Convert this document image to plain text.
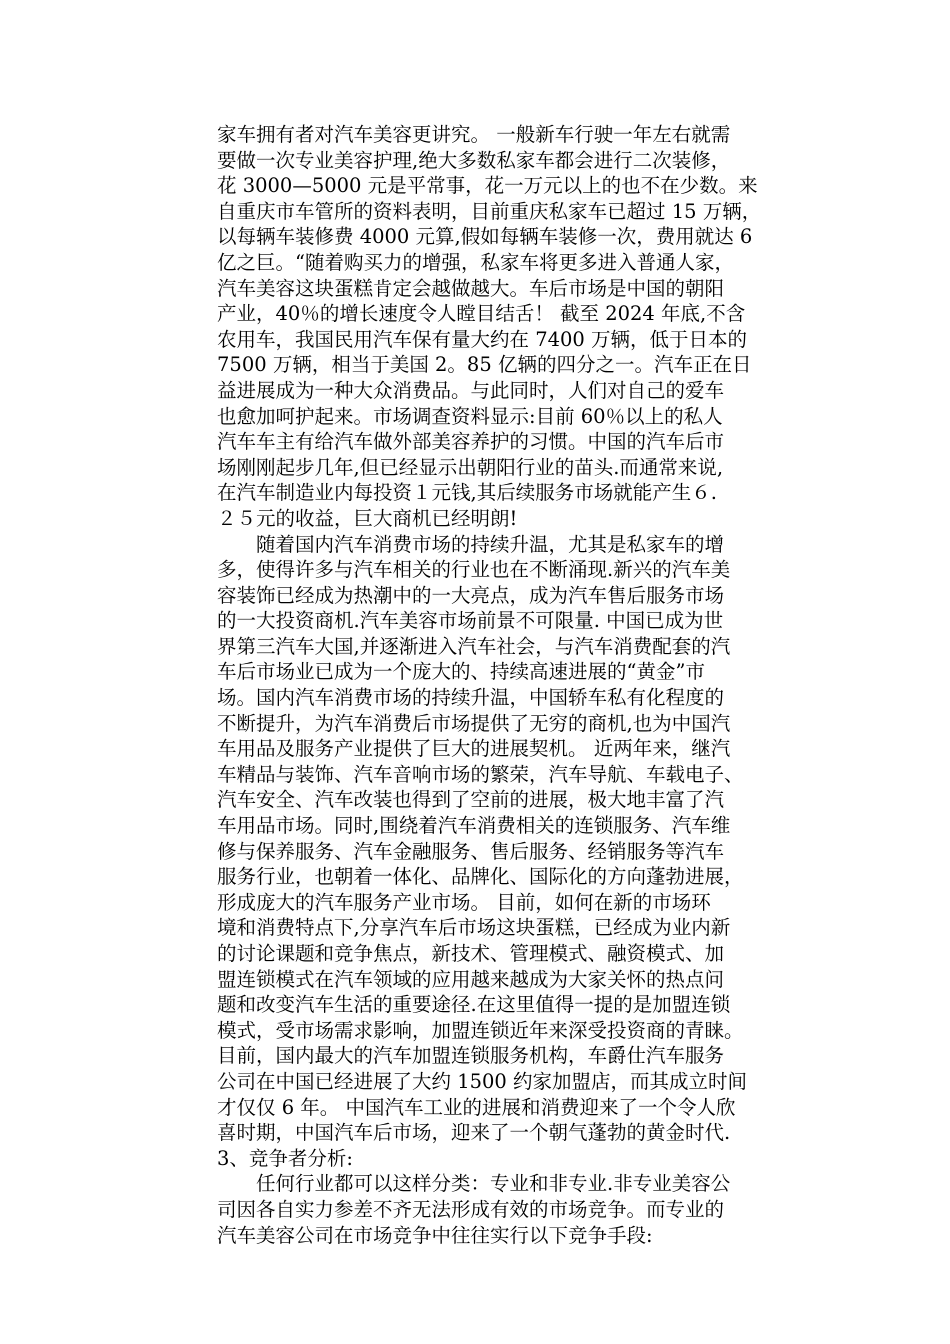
家车拥有者对汽车美容更讲究。 一般新车行驶一年左右就需
要做一次专业美容护理,绝大多数私家车都会进行二次装修，
花 3000—5000 元是平常事，花一万元以上的也不在少数。来
自重庆市车管所的资料表明，目前重庆私家车已超过 15 万辆，
以每辆车装修费 4000 元算,假如每辆车装修一次，费用就达 6
亿之巨。“随着购买力的增强，私家车将更多进入普通人家，
汽车美容这块蛋糕肯定会越做越大。车后市场是中国的朝阳
产业，40％的增长速度令人瞠目结舌！ 截至 2024 年底,不含
农用车，我国民用汽车保有量大约在 7400 万辆，低于日本的
7500 万辆，相当于美国 2。85 亿辆的四分之一。汽车正在日
益进展成为一种大众消费品。与此同时，人们对自己的爱车
也愈加呵护起来。市场调查资料显示:目前 60％以上的私人
汽车车主有给汽车做外部美容养护的习惯。中国的汽车后市
场刚刚起步几年,但已经显示出朝阳行业的苗头.而通常来说,
在汽车制造业内每投资１元钱,其后续服务市场就能产生６.
２５元的收益，巨大商机已经明朗!
　　随着国内汽车消费市场的持续升温，尤其是私家车的增
多，使得许多与汽车相关的行业也在不断涌现.新兴的汽车美
容装饰已经成为热潮中的一大亮点，成为汽车售后服务市场
的一大投资商机.汽车美容市场前景不可限量. 中国已成为世
界第三汽车大国,并逐渐进入汽车社会，与汽车消费配套的汽
车后市场业已成为一个庞大的、持续高速进展的“黄金”市
场。国内汽车消费市场的持续升温，中国轿车私有化程度的
不断提升，为汽车消费后市场提供了无穷的商机,也为中国汽
车用品及服务产业提供了巨大的进展契机。 近两年来，继汽
车精品与装饰、汽车音响市场的繁荣，汽车导航、车载电子、
汽车安全、汽车改装也得到了空前的进展，极大地丰富了汽
车用品市场。同时,围绕着汽车消费相关的连锁服务、汽车维
修与保养服务、汽车金融服务、售后服务、经销服务等汽车
服务行业，也朝着一体化、品牌化、国际化的方向蓬勃进展，
形成庞大的汽车服务产业市场。 目前，如何在新的市场环
境和消费特点下,分享汽车后市场这块蛋糕，已经成为业内新
的讨论课题和竞争焦点，新技术、管理模式、融资模式、加
盟连锁模式在汽车领域的应用越来越成为大家关怀的热点问
题和改变汽车生活的重要途径.在这里值得一提的是加盟连锁
模式，受市场需求影响，加盟连锁近年来深受投资商的青睐。
目前，国内最大的汽车加盟连锁服务机构，车爵仕汽车服务
公司在中国已经进展了大约 1500 约家加盟店，而其成立时间
才仅仅 6 年。 中国汽车工业的进展和消费迎来了一个令人欣
喜时期，中国汽车后市场，迎来了一个朝气蓬勃的黄金时代.
3、竞争者分析:
　　任何行业都可以这样分类：专业和非专业.非专业美容公
司因各自实力参差不齐无法形成有效的市场竞争。而专业的
汽车美容公司在市场竞争中往往实行以下竞争手段:
